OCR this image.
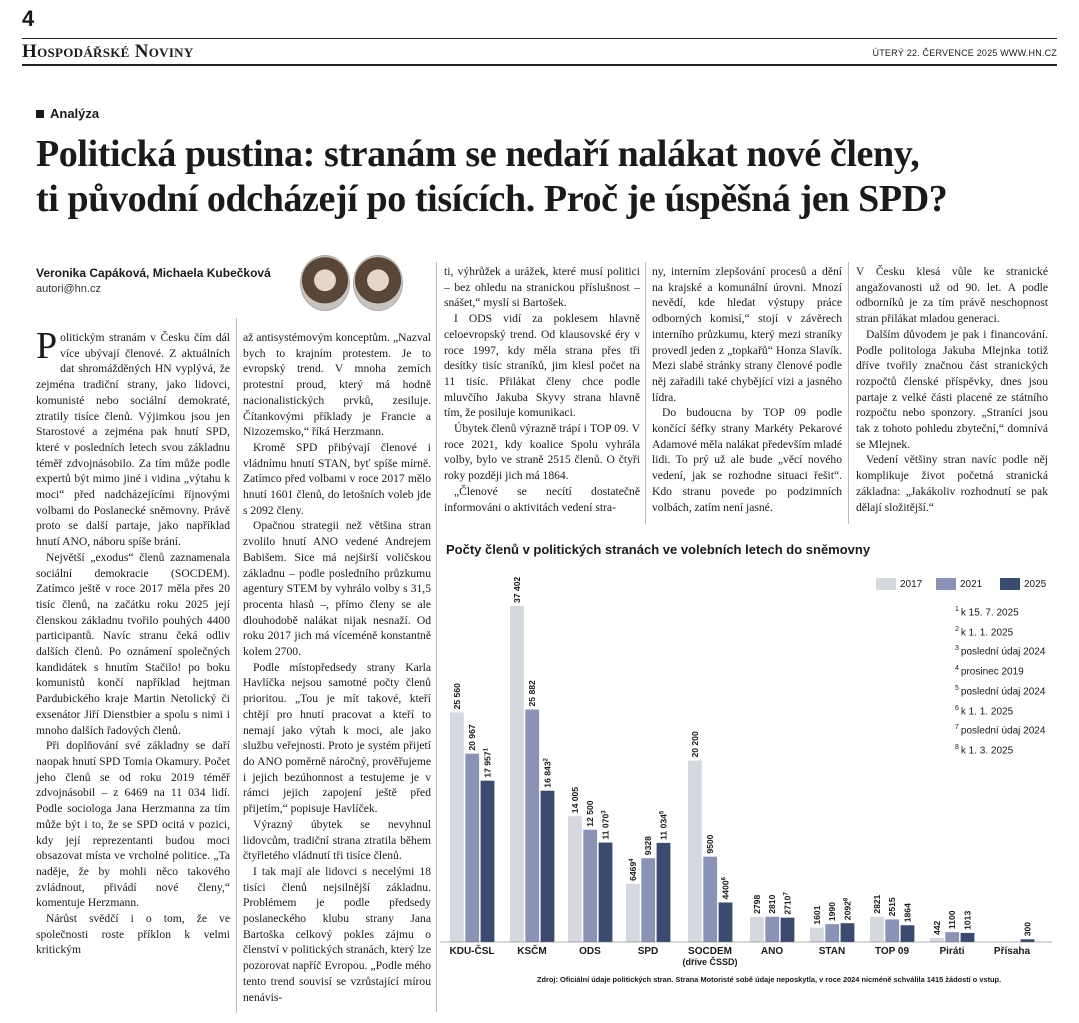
4
Hospodářské Noviny	ÚTERÝ 22. ČERVENCE 2025 WWW.HN.CZ
Analýza
Politická pustina: stranám se nedaří nalákat nové členy,
ti původní odcházejí po tisících. Proč je úspěšná jen SPD?
Veronika Capáková, Michaela Kubečková
autori@hn.cz

Politickým stranám v Česku čím dál více ubývají členové. Z aktuálních dat shromážděných HN vyplývá, že zejména tradiční strany, jako lidovci, komunisté nebo sociální demokraté, ztratily tisíce členů. Výjimkou jsou jen Starostové a zejména pak hnutí SPD, které v posledních letech svou základnu téměř zdvojnásobilo. Za tím může podle expertů být mimo jiné i vidina „výtahu k moci“ před nadcházejícími říjnovými volbami do Poslanecké sněmovny. Právě proto se další partaje, jako například hnutí ANO, náboru spíše brání.

Největší „exodus“ členů zaznamenala sociální demokracie (SOCDEM). Zatímco ještě v roce 2017 měla přes 20 tisíc členů, na začátku roku 2025 její členskou základnu tvořilo pouhých 4400 participantů. Navíc stranu čeká odliv dalších členů. Po oznámení společných kandidátek s hnutím Stačilo! po boku komunistů končí například hejtman Pardubického kraje Martin Netolický či exsenátor Jiří Dienstbier a spolu s nimi i mnoho dalších řadových členů.

Při doplňování své základny se daří naopak hnutí SPD Tomia Okamury. Počet jeho členů se od roku 2019 téměř zdvojnásobil – z 6469 na 11 034 lidí. Podle sociologa Jana Herzmanna za tím může být i to, že se SPD ocitá v pozici, kdy její reprezentanti budou moci obsazovat místa ve vrcholné politice. „Ta naděje, že by mohli něco takového zvládnout, přivádí nové členy,“ komentuje Herzmann.

Nárůst svědčí i o tom, že ve společnosti roste příklon k velmi kritickým

až antisystémovým konceptům. „Nazval bych to krajním protestem. Je to evropský trend. V mnoha zemích protestní proud, který má hodně nacionalistických prvků, zesiluje. Čítankovými příklady je Francie a Nizozemsko,“ říká Herzmann.

Kromě SPD přibývají členové i vládnímu hnutí STAN, byť spíše mírně. Zatímco před volbami v roce 2017 mělo hnutí 1601 členů, do letošních voleb jde s 2092 členy.

Opačnou strategii než většina stran zvolilo hnutí ANO vedené Andrejem Babišem. Sice má nejširší voličskou základnu – podle posledního průzkumu agentury STEM by vyhrálo volby s 31,5 procenta hlasů –, přímo členy se ale dlouhodobě nalákat nijak nesnaží. Od roku 2017 jich má víceméně konstantně kolem 2700.

Podle místopředsedy strany Karla Havlíčka nejsou samotné počty členů prioritou. „Tou je mít takové, kteří chtějí pro hnutí pracovat a kteří to nemají jako výtah k moci, ale jako službu veřejnosti. Proto je systém přijetí do ANO poměrně náročný, prověřujeme i jejich bezúhonnost a testujeme je v rámci jejich zapojení ještě před přijetím,“ popisuje Havlíček.

Výrazný úbytek se nevyhnul lidovcům, tradiční strana ztratila během čtyřletého vládnutí tři tisíce členů.

I tak mají ale lidovci s necelými 18 tisíci členů nejsilnější základnu. Problémem je podle předsedy poslaneckého klubu strany Jana Bartoška celkový pokles zájmu o členství v politických stranách, který lze pozorovat napříč Evropou. „Podle mého tento trend souvisí se vzrůstající mírou nenávis-

ti, výhrůžek a urážek, které musí politici – bez ohledu na stranickou příslušnost – snášet,“ myslí si Bartošek.

I ODS vidí za poklesem hlavně celoevropský trend. Od klausovské éry v roce 1997, kdy měla strana přes tři desítky tisíc straníků, jim klesl počet na 11 tisíc. Přilákat členy chce podle mluvčího Jakuba Skyvy strana hlavně tím, že posiluje komunikaci.

Úbytek členů výrazně trápí i TOP 09. V roce 2021, kdy koalice Spolu vyhrála volby, bylo ve straně 2515 členů. O čtyři roky později jich má 1864.

„Členové se necítí dostatečně informováni o aktivitách vedení stra-

ny, interním zlepšování procesů a dění na krajské a komunální úrovni. Mnozí nevědí, kde hledat výstupy práce odborných komisí,“ stojí v závěrech interního průzkumu, který mezi straníky provedl jeden z „topkařů“ Honza Slavík. Mezi slabé stránky strany členové podle něj zařadili také chybějící vizi a jasného lídra.

Do budoucna by TOP 09 podle končící šéfky strany Markéty Pekarové Adamové měla nalákat především mladé lidi. To prý už ale bude „věcí nového vedení, jak se rozhodne situaci řešit“. Kdo stranu povede po podzimních volbách, zatím není jasné.

V Česku klesá vůle ke stranické angažovanosti už od 90. let. A podle odborníků je za tím právě neschopnost stran přilákat mladou generaci.

Dalším důvodem je pak i financování. Podle politologa Jakuba Mlejnka totiž dříve tvořily značnou část stranických rozpočtů členské příspěvky, dnes jsou partaje z velké části placené ze státního rozpočtu nebo sponzory. „Straníci jsou tak z tohoto pohledu zbyteční,“ domnívá se Mlejnek.

Vedení většiny stran navíc podle něj komplikuje život početná stranická základna: „Jakákoliv rozhodnutí se pak dělají složitější.“

Počty členů v politických stranách ve volebních letech do sněmovny
2017	2021	2025
$^1$ k 15. 7. 2025
$^2$ k 1. 1. 2025
$^3$ poslední údaj 2024
$^4$ prosinec 2019
$^5$ poslední údaj 2024
$^6$ k 1. 1. 2025
$^7$ poslední údaj 2024
$^8$ k 1. 3. 2025
25 560
20 967
17 $957^1$
37 402
25 882
16 $843^2$
14 005
12 500 11 $070^3$
6469$^4$
9328
11 $034^5$
20 200
9500
4400$^6$
2798 2810 2710$^7$
1601 1990 2092$^8$	2821 2515 1864
442 1100 1013	300
KDU-ČSL KSČM	ODS	SPD	SOCDEM
(dříve ČSSD)
ANO	STAN	TOP 09	Piráti	Přísaha
Zdroj: Oficiální údaje politických stran. Strana Motoristé sobě údaje neposkytla, v roce 2024 nicméně schválila 1415 žádostí o vstup.
